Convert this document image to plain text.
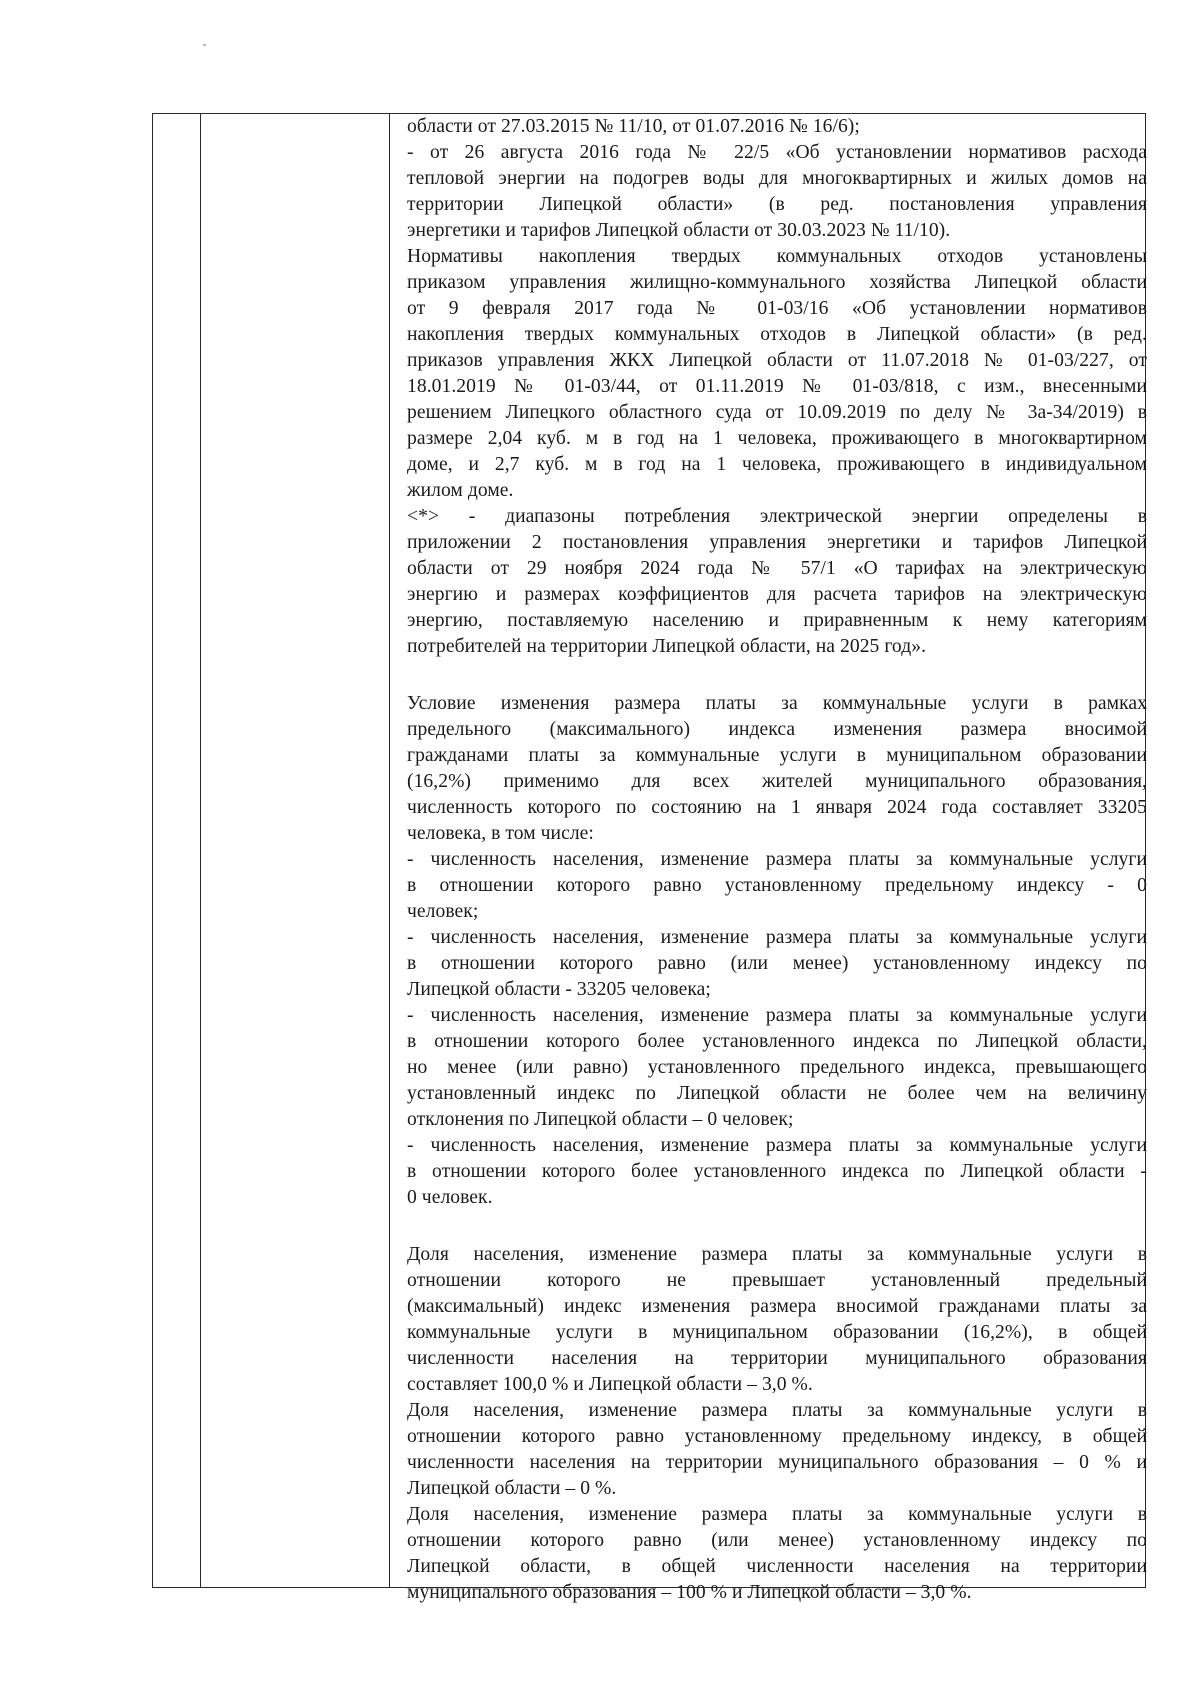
области от 27.03.2015 № 11/10, от 01.07.2016 № 16/6);
- от 26 августа 2016 года № 22/5 «Об установлении нормативов расхода
тепловой энергии на подогрев воды для многоквартирных и жилых домов на
территории Липецкой области» (в ред. постановления управления
энергетики и тарифов Липецкой области от 30.03.2023 № 11/10).
Нормативы накопления твердых коммунальных отходов установлены
приказом управления жилищно-коммунального хозяйства Липецкой области
от 9 февраля 2017 года № 01-03/16 «Об установлении нормативов
накопления твердых коммунальных отходов в Липецкой области» (в ред.
приказов управления ЖКХ Липецкой области от 11.07.2018 № 01-03/227, от
18.01.2019 № 01-03/44, от 01.11.2019 № 01-03/818, с изм., внесенными
решением Липецкого областного суда от 10.09.2019 по делу № 3а-34/2019) в
размере 2,04 куб. м в год на 1 человека, проживающего в многоквартирном
доме, и 2,7 куб. м в год на 1 человека, проживающего в индивидуальном
жилом доме.
<*> - диапазоны потребления электрической энергии определены в
приложении 2 постановления управления энергетики и тарифов Липецкой
области от 29 ноября 2024 года № 57/1 «О тарифах на электрическую
энергию и размерах коэффициентов для расчета тарифов на электрическую
энергию, поставляемую населению и приравненным к нему категориям
потребителей на территории Липецкой области, на 2025 год».
Условие изменения размера платы за коммунальные услуги в рамках
предельного (максимального) индекса изменения размера вносимой
гражданами платы за коммунальные услуги в муниципальном образовании
(16,2%) применимо для всех жителей муниципального образования,
численность которого по состоянию на 1 января 2024 года составляет 33205
человека, в том числе:
- численность населения, изменение размера платы за коммунальные услуги
в отношении которого равно установленному предельному индексу - 0
человек;
- численность населения, изменение размера платы за коммунальные услуги
в отношении которого равно (или менее) установленному индексу по
Липецкой области - 33205 человека;
- численность населения, изменение размера платы за коммунальные услуги
в отношении которого более установленного индекса по Липецкой области,
но менее (или равно) установленного предельного индекса, превышающего
установленный индекс по Липецкой области не более чем на величину
отклонения по Липецкой области – 0 человек;
- численность населения, изменение размера платы за коммунальные услуги
в отношении которого более установленного индекса по Липецкой области -
0 человек.
Доля населения, изменение размера платы за коммунальные услуги в
отношении которого не превышает установленный предельный
(максимальный) индекс изменения размера вносимой гражданами платы за
коммунальные услуги в муниципальном образовании (16,2%), в общей
численности населения на территории муниципального образования
составляет 100,0 % и Липецкой области – 3,0 %.
Доля населения, изменение размера платы за коммунальные услуги в
отношении которого равно установленному предельному индексу, в общей
численности населения на территории муниципального образования – 0 % и
Липецкой области – 0 %.
Доля населения, изменение размера платы за коммунальные услуги в
отношении которого равно (или менее) установленному индексу по
Липецкой области, в общей численности населения на территории
муниципального образования – 100 % и Липецкой области – 3,0 %.
